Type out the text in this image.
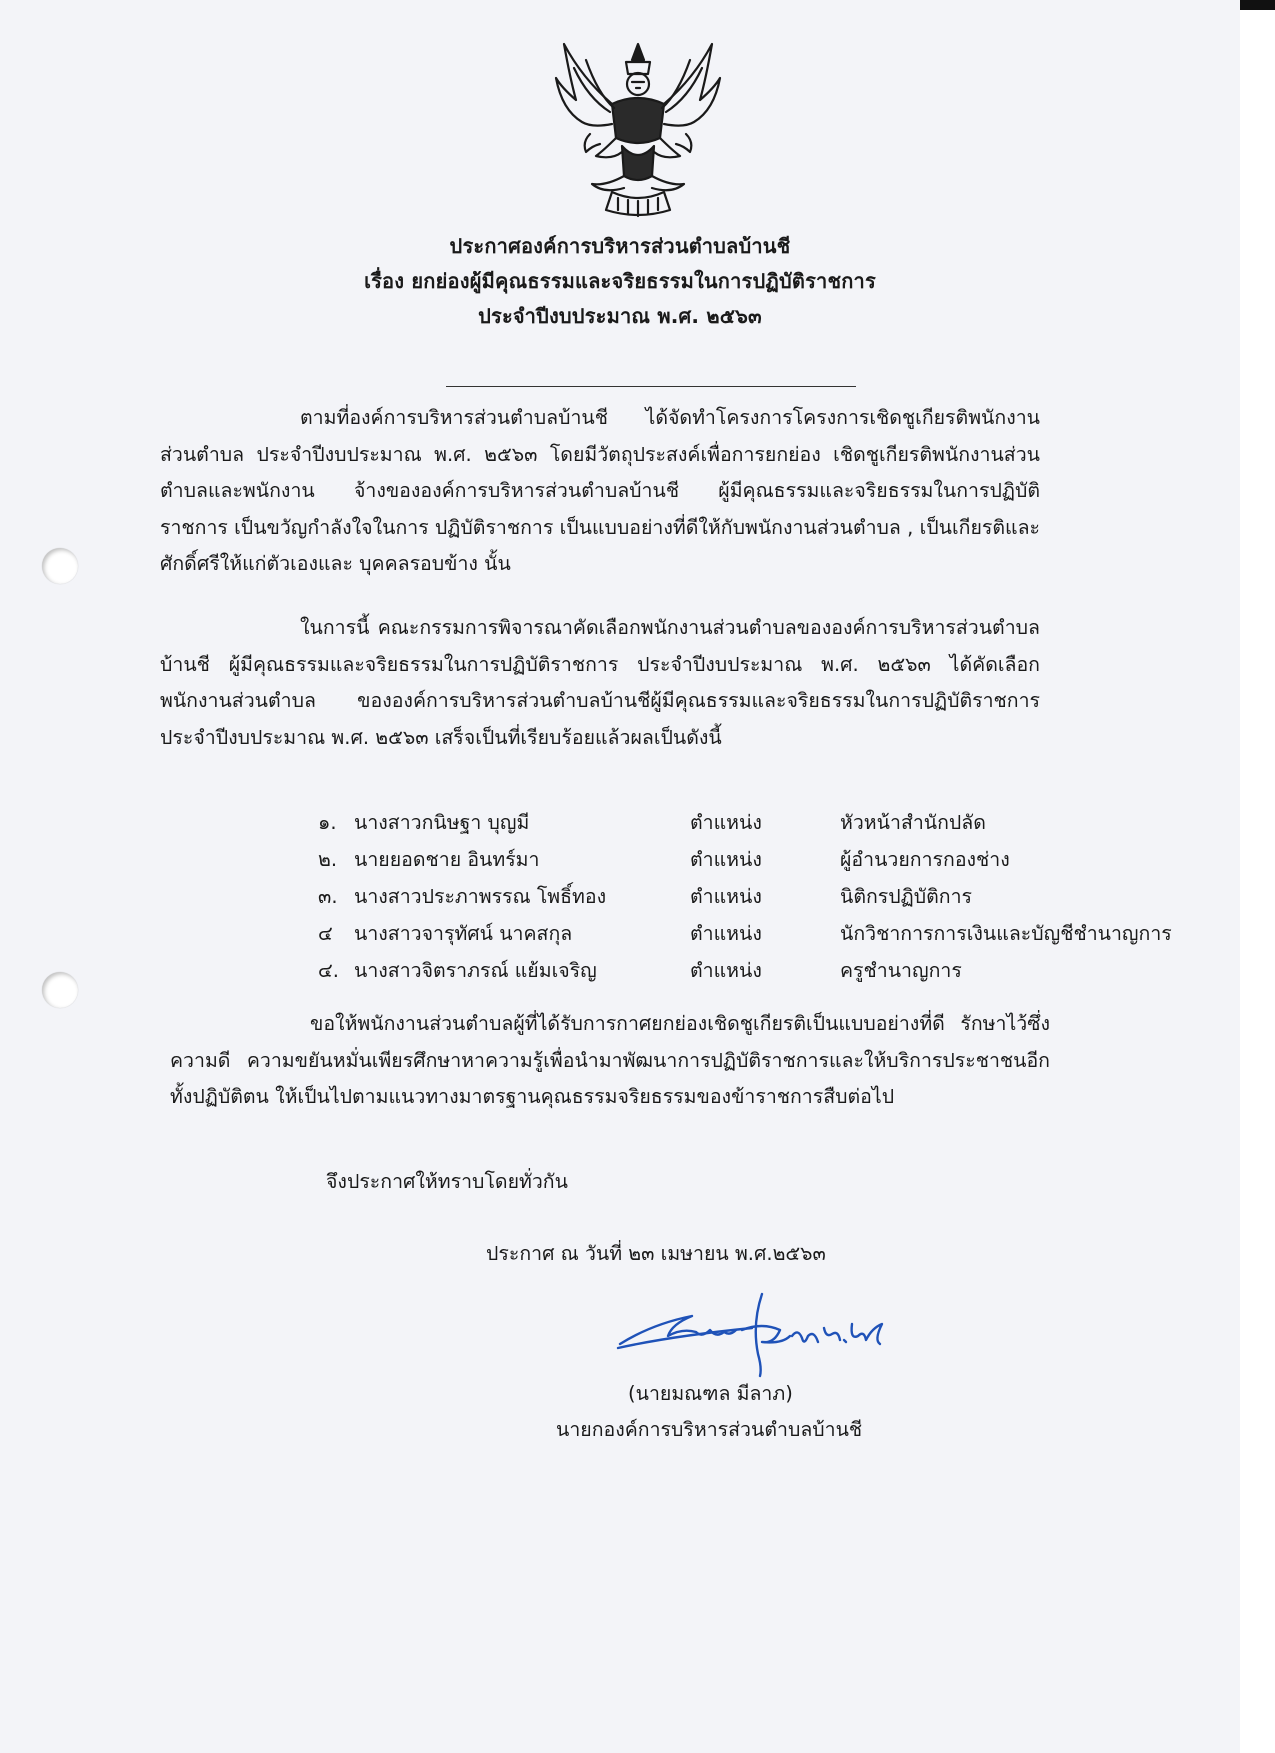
ประกาศองค์การบริหารส่วนตำบลบ้านชี
เรื่อง ยกย่องผู้มีคุณธรรมและจริยธรรมในการปฏิบัติราชการ
ประจำปีงบประมาณ พ.ศ. ๒๕๖๓

ตามที่องค์การบริหารส่วนตำบลบ้านชี ได้จัดทำโครงการโครงการเชิดชูเกียรติพนักงานส่วนตำบล ประจำปีงบประมาณ พ.ศ. ๒๕๖๓ โดยมีวัตถุประสงค์เพื่อการยกย่อง เชิดชูเกียรติพนักงานส่วนตำบลและพนักงาน จ้างขององค์การบริหารส่วนตำบลบ้านชี ผู้มีคุณธรรมและจริยธรรมในการปฏิบัติราชการ เป็นขวัญกำลังใจในการ ปฏิบัติราชการ เป็นแบบอย่างที่ดีให้กับพนักงานส่วนตำบล , เป็นเกียรติและศักดิ์ศรีให้แก่ตัวเองและ บุคคลรอบข้าง นั้น

ในการนี้ คณะกรรมการพิจารณาคัดเลือกพนักงานส่วนตำบลขององค์การบริหารส่วนตำบลบ้านชี ผู้มีคุณธรรมและจริยธรรมในการปฏิบัติราชการ ประจำปีงบประมาณ พ.ศ. ๒๕๖๓ ได้คัดเลือกพนักงานส่วนตำบล ขององค์การบริหารส่วนตำบลบ้านชีผู้มีคุณธรรมและจริยธรรมในการปฏิบัติราชการ ประจำปีงบประมาณ พ.ศ. ๒๕๖๓ เสร็จเป็นที่เรียบร้อยแล้วผลเป็นดังนี้

๑. นางสาวกนิษฐา บุญมี	ตำแหน่ง	หัวหน้าสำนักปลัด
๒. นายยอดชาย อินทร์มา	ตำแหน่ง	ผู้อำนวยการกองช่าง
๓. นางสาวประภาพรรณ โพธิ์ทอง	ตำแหน่ง	นิติกรปฏิบัติการ
๔	นางสาวจารุทัศน์ นาคสกุล	ตำแหน่ง	นักวิชาการการเงินและบัญชีชำนาญการ
๔. นางสาวจิตราภรณ์ แย้มเจริญ	ตำแหน่ง	ครูชำนาญการ

ขอให้พนักงานส่วนตำบลผู้ที่ได้รับการกาศยกย่องเชิดชูเกียรติเป็นแบบอย่างที่ดี รักษาไว้ซึ่งความดี ความขยันหมั่นเพียรศึกษาหาความรู้เพื่อนำมาพัฒนาการปฏิบัติราชการและให้บริการประชาชนอีกทั้งปฏิบัติตน ให้เป็นไปตามแนวทางมาตรฐานคุณธรรมจริยธรรมของข้าราชการสืบต่อไป

จึงประกาศให้ทราบโดยทั่วกัน
ประกาศ ณ วันที่ ๒๓ เมษายน พ.ศ.๒๕๖๓
(นายมณฑล มีลาภ)
นายกองค์การบริหารส่วนตำบลบ้านชี
